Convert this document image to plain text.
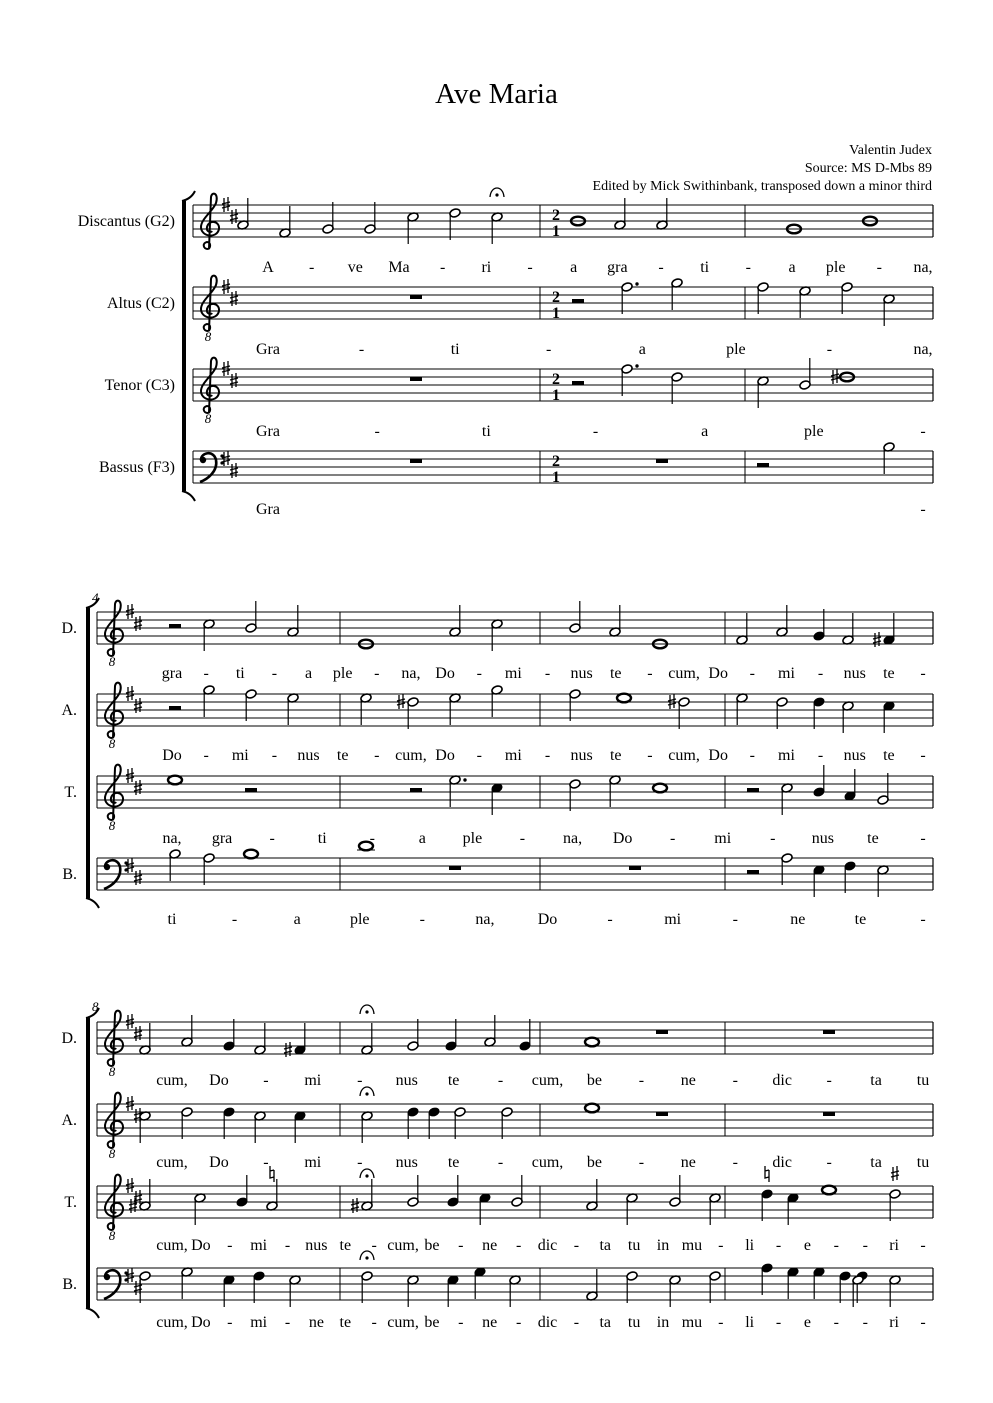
Ave Maria
Valentin Judex
Source: MS D-Mbs 89
Edited by Mick Swithinbank, transposed down a minor third
Discantus (G2)	2
1
A - ve Ma - ri - a gra - ti - a ple - na,
Altus (C2)
8
2
1
Gra	-	ti	-	a	ple	-	na,
Tenor (C3)
8
2
1
Gra	-	ti	-	a	ple	-
Bassus (F3)	2
1
Gra	-
4
D.
8
gra - ti - a ple - na, Do - mi - nus te - cum, Do - mi - nus te -
A.
8
Do - mi - nus te - cum, Do - mi - nus te - cum, Do - mi - nus te -
T.
8
na, gra -	ti	-	a ple - na, Do - mi - nus te	-
B.
ti	-	a	ple	-	na,	Do	-	mi	-	ne	te	-
8
D.
8
cum, Do - mi - nus te - cum, be - ne - dic - ta tu
A.
8
cum, Do - mi - nus te - cum, be - ne - dic - ta tu
T.
8
cum, Do - mi - nus te - cum, be - ne - dic - ta tu in mu - li - e - - ri -
B.
cum, Do - mi - ne te - cum, be - ne - dic - ta tu in mu - li - e - - ri -
